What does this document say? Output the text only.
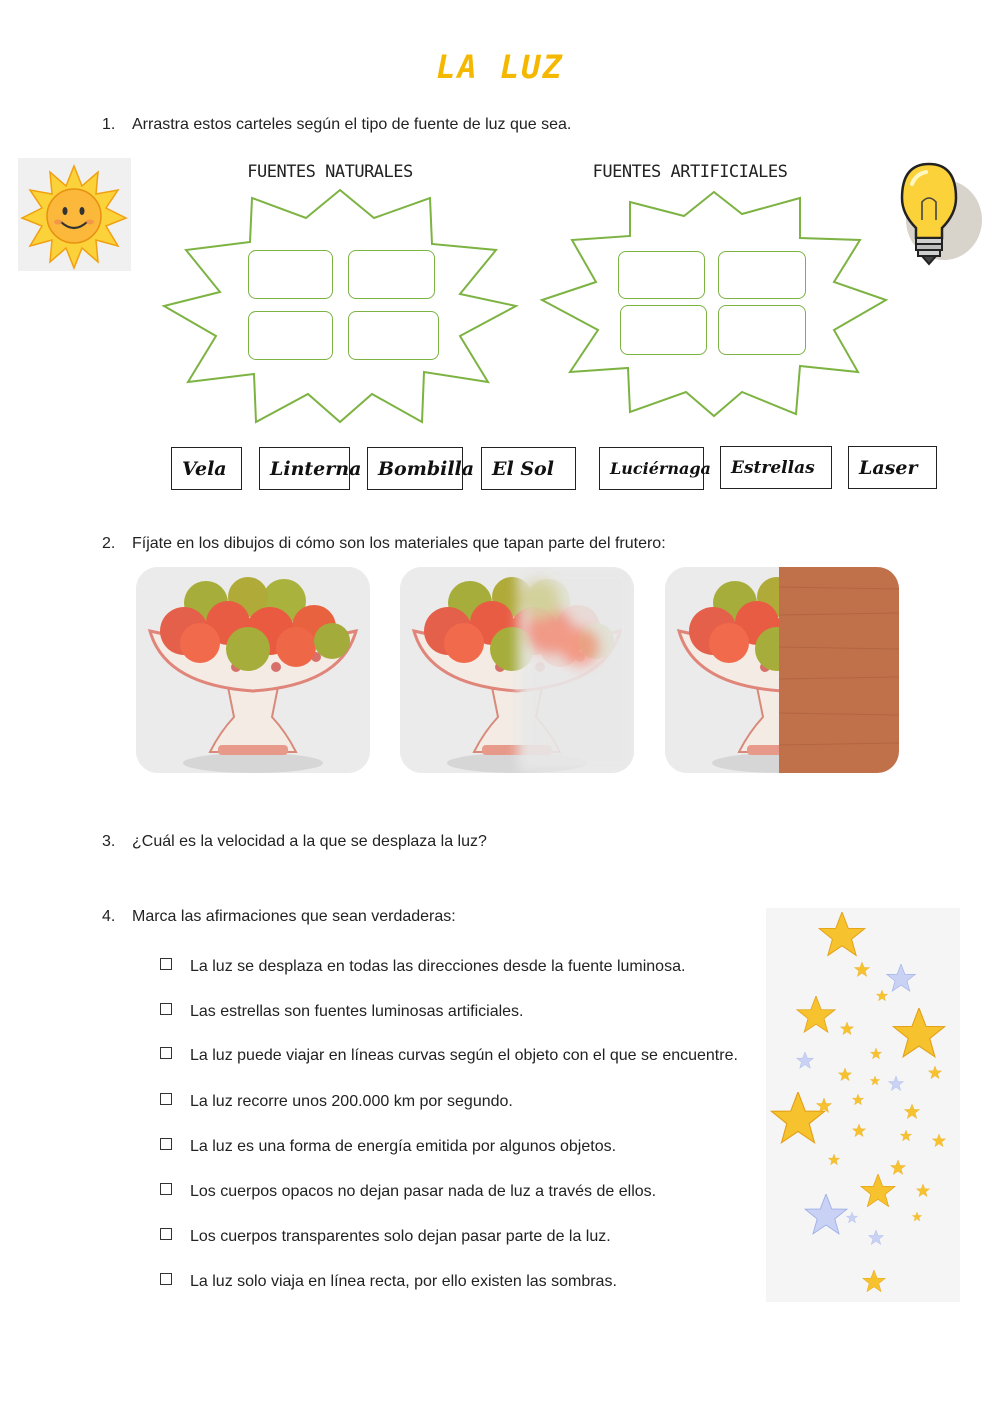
LA LUZ
1. Arrastra estos carteles según el tipo de fuente de luz que sea.
FUENTES NATURALES	FUENTES ARTIFICIALES
Vela	Linterna Bombilla El Sol	Luciérnaga	Estrellas	Laser
2. Fíjate en los dibujos di cómo son los materiales que tapan parte del frutero:
3. ¿Cuál es la velocidad a la que se desplaza la luz?
4. Marca las afirmaciones que sean verdaderas:
La luz se desplaza en todas las direcciones desde la fuente luminosa.
Las estrellas son fuentes luminosas artificiales.
La luz puede viajar en líneas curvas según el objeto con el que se encuentre.
La luz recorre unos 200.000 km por segundo.
La luz es una forma de energía emitida por algunos objetos.
Los cuerpos opacos no dejan pasar nada de luz a través de ellos.
Los cuerpos transparentes solo dejan pasar parte de la luz.
La luz solo viaja en línea recta, por ello existen las sombras.
